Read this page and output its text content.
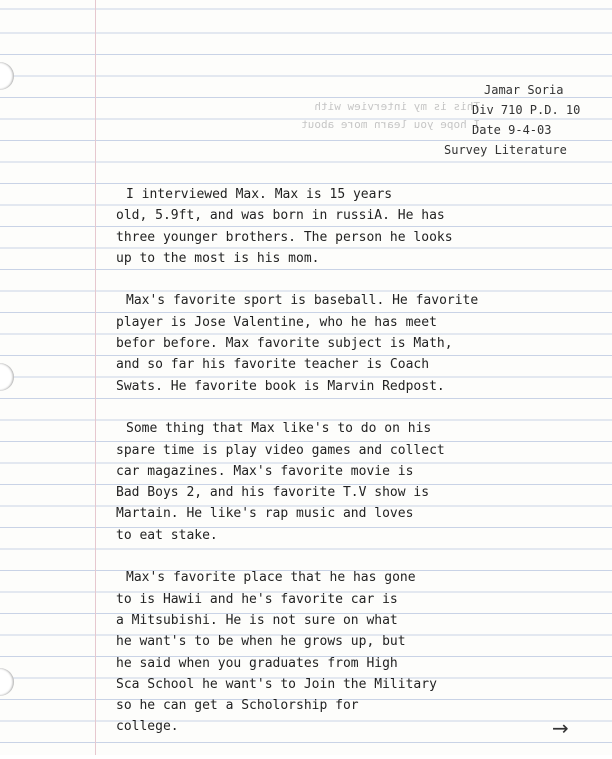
This is my interview with
I hope you learn more about
Jamar Soria
Div 710 P.D. 10
Date 9-4-03
Survey Literature

I interviewed Max. Max is 15 years

old, 5.9ft, and was born in russiA. He has

three younger brothers. The person he looks

up to the most is his mom.

Max's favorite sport is baseball. He favorite

player is Jose Valentine, who he has meet

befor before. Max favorite subject is Math,

and so far his favorite teacher is Coach

Swats. He favorite book is Marvin Redpost.

Some thing that Max like's to do on his

spare time is play video games and collect

car magazines. Max's favorite movie is

Bad Boys 2, and his favorite T.V show is

Martain. He like's rap music and loves

to eat stake.

Max's favorite place that he has gone

to is Hawii and he's favorite car is

a Mitsubishi. He is not sure on what

he want's to be when he grows up, but

he said when you graduates from High

Sca School he want's to Join the Military

so he can get a Scholorship for

college.	→
